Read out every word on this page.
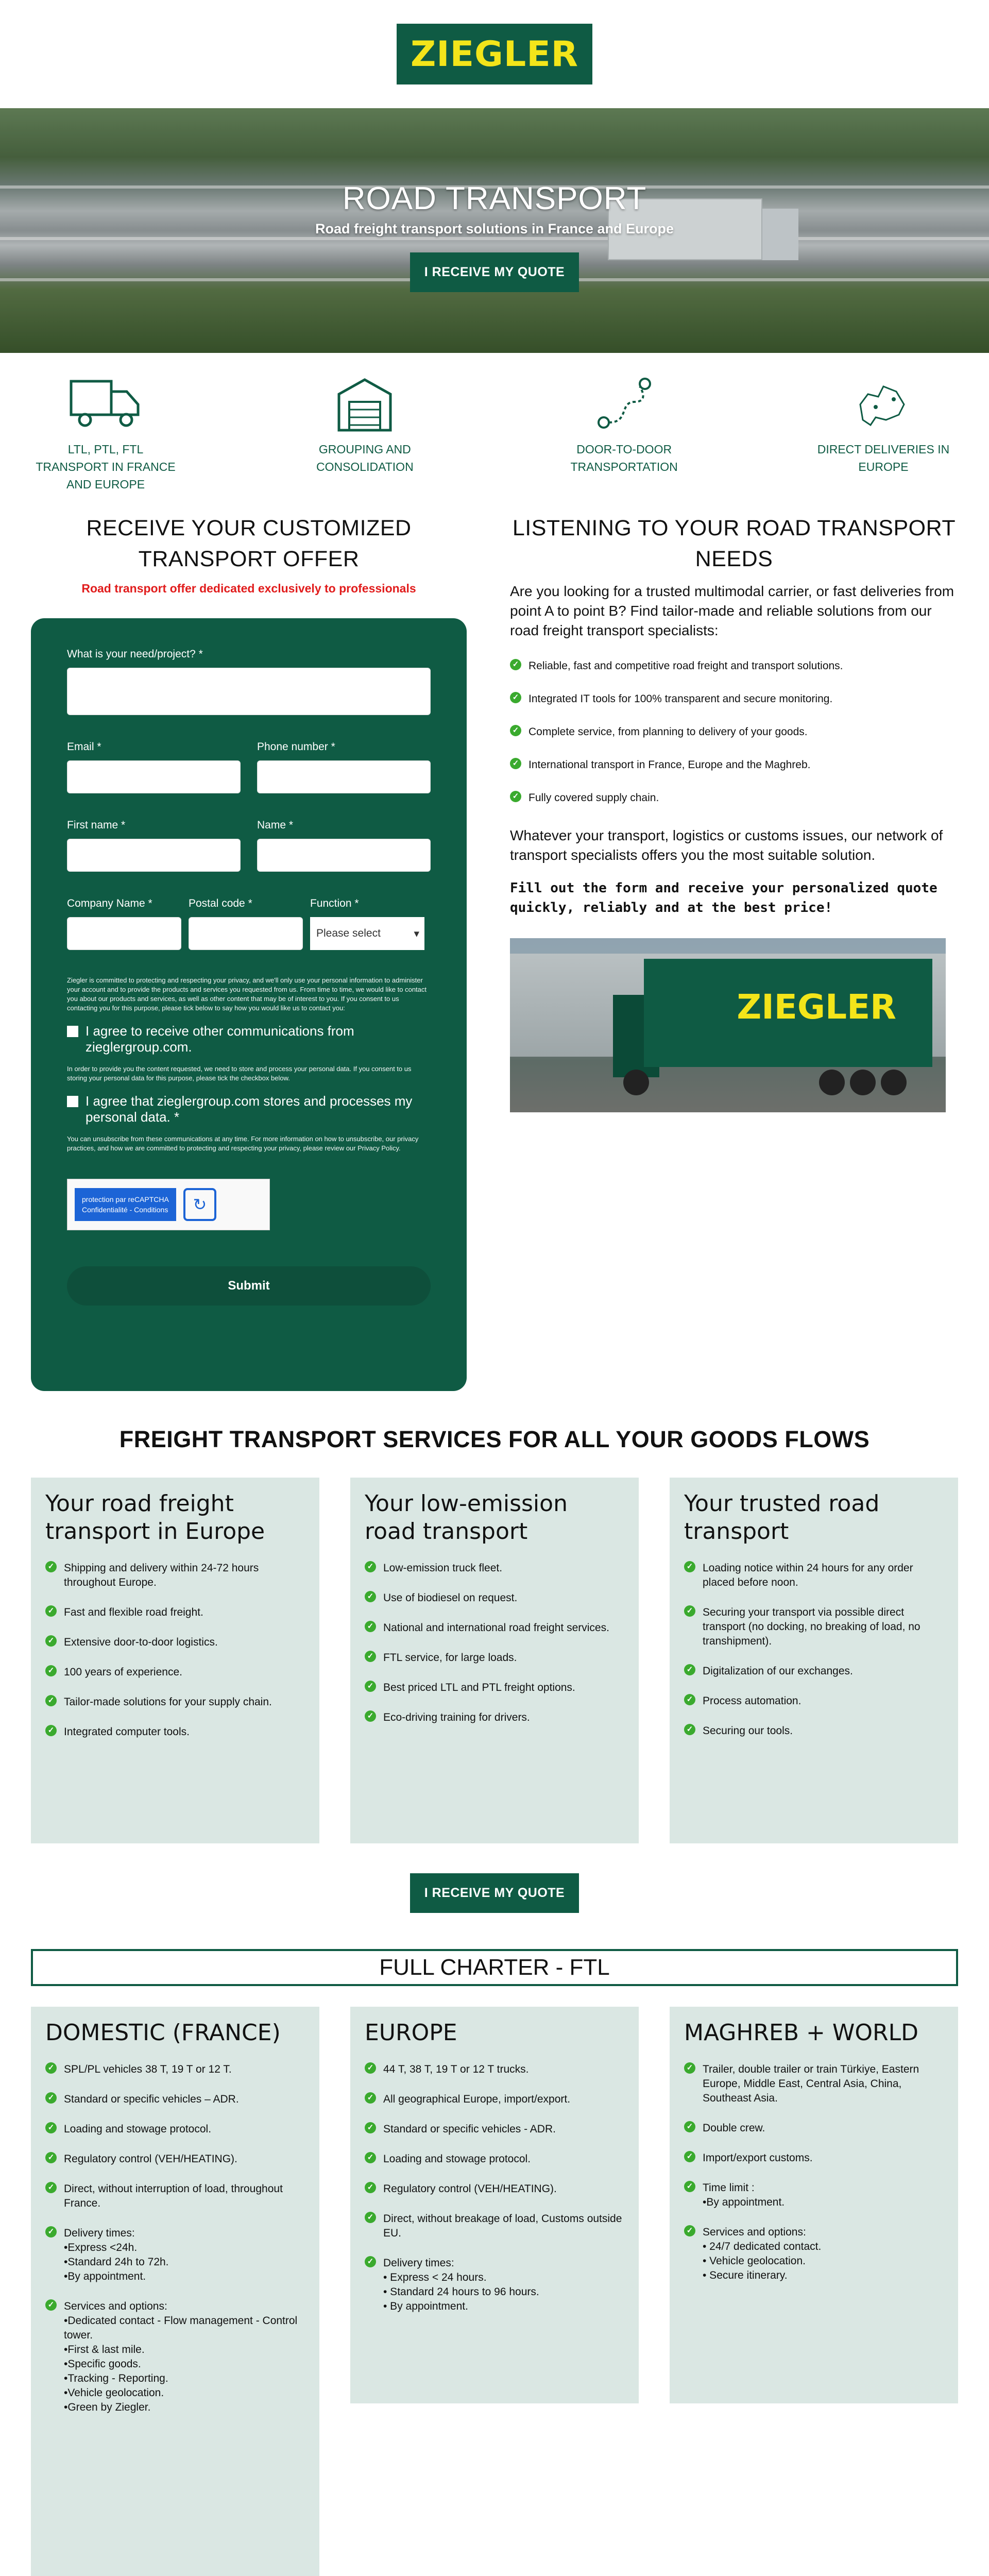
ZIEGLER
ROAD TRANSPORT
Road freight transport solutions in France and Europe
I RECEIVE MY QUOTE
LTL, PTL, FTL TRANSPORT IN FRANCE AND EUROPE
GROUPING AND CONSOLIDATION
DOOR-TO-DOOR TRANSPORTATION
DIRECT DELIVERIES IN EUROPE
RECEIVE YOUR CUSTOMIZED TRANSPORT OFFER
Road transport offer dedicated exclusively to professionals
What is your need/project? *
Email *	Phone number *
First name *	Name *
Company Name *	Postal code *	Function *
Please select	▾

Ziegler is committed to protecting and respecting your privacy, and we'll only use your personal information to administer your account and to provide the products and services you requested from us. From time to time, we would like to contact you about our products and services, as well as other content that may be of interest to you. If you consent to us contacting you for this purpose, please tick below to say how you would like us to contact you:

I agree to receive other communications from zieglergroup.com.

In order to provide you the content requested, we need to store and process your personal data. If you consent to us storing your personal data for this purpose, please tick the checkbox below.

I agree that zieglergroup.com stores and processes my personal data. *

You can unsubscribe from these communications at any time. For more information on how to unsubscribe, our privacy practices, and how we are committed to protecting and respecting your privacy, please review our Privacy Policy.

protection par reCAPTCHA
Confidentialité - Conditions	↻
Submit
LISTENING TO YOUR ROAD TRANSPORT NEEDS

Are you looking for a trusted multimodal carrier, or fast deliveries from point A to point B? Find tailor-made and reliable solutions from our road freight transport specialists:

✓ Reliable, fast and competitive road freight and transport solutions.
✓ Integrated IT tools for 100% transparent and secure monitoring.
✓ Complete service, from planning to delivery of your goods.
✓ International transport in France, Europe and the Maghreb.
✓ Fully covered supply chain.

Whatever your transport, logistics or customs issues, our network of transport specialists offers you the most suitable solution.

Fill out the form and receive your personalized quote quickly, reliably and at the best price!

ZIEGLER
FREIGHT TRANSPORT SERVICES FOR ALL YOUR GOODS FLOWS
Your road freight transport in Europe
✓ Shipping and delivery within 24-72 hours throughout Europe.
✓ Fast and flexible road freight.
✓ Extensive door-to-door logistics.
✓ 100 years of experience.
✓ Tailor-made solutions for your supply chain.
✓ Integrated computer tools.
Your low-emission road transport
✓ Low-emission truck fleet.
✓ Use of biodiesel on request.
✓ National and international road freight services.
✓ FTL service, for large loads.
✓ Best priced LTL and PTL freight options.
✓ Eco-driving training for drivers.
Your trusted road transport
✓ Loading notice within 24 hours for any order placed before noon.
✓ Securing your transport via possible direct transport (no docking, no breaking of load, no transhipment).
✓ Digitalization of our exchanges.
✓ Process automation.
✓ Securing our tools.
I RECEIVE MY QUOTE
FULL CHARTER - FTL
DOMESTIC (FRANCE)
✓ SPL/PL vehicles 38 T, 19 T or 12 T.
✓ Standard or specific vehicles – ADR.
✓ Loading and stowage protocol.
✓ Regulatory control (VEH/HEATING).
✓ Direct, without interruption of load, throughout France.
✓ Delivery times:
•Express <24h.
•Standard 24h to 72h.
•By appointment.
✓ Services and options:
•Dedicated contact - Flow management - Control tower.
•First & last mile.
•Specific goods.
•Tracking - Reporting.
•Vehicle geolocation.
•Green by Ziegler.
EUROPE
✓ 44 T, 38 T, 19 T or 12 T trucks.
✓ All geographical Europe, import/export.
✓ Standard or specific vehicles - ADR.
✓ Loading and stowage protocol.
✓ Regulatory control (VEH/HEATING).
✓ Direct, without breakage of load, Customs outside EU.
✓ Delivery times:
• Express < 24 hours.
• Standard 24 hours to 96 hours.
• By appointment.
MAGHREB + WORLD
✓ Trailer, double trailer or train Türkiye, Eastern Europe, Middle East, Central Asia, China, Southeast Asia.
✓ Double crew.
✓ Import/export customs.
✓ Time limit :
•By appointment.
✓ Services and options:
• 24/7 dedicated contact.
• Vehicle geolocation.
• Secure itinerary.
